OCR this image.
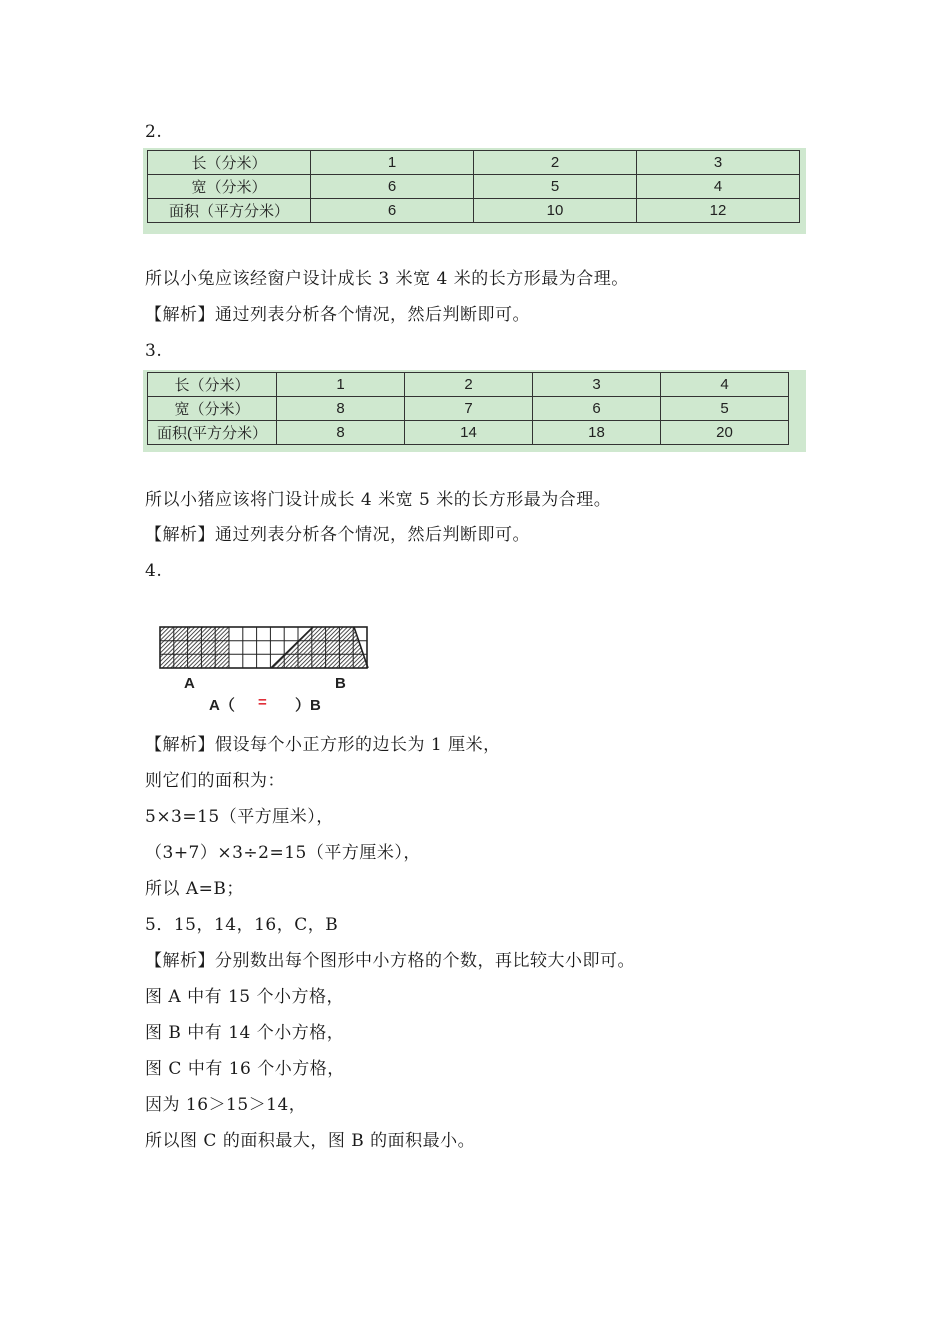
2.
长（分米）	1	2	3
宽（分米）	6	5	4
面积（平方分米）	6	10	12
所以小兔应该经窗户设计成长 3 米宽 4 米的长方形最为合理。
【解析】通过列表分析各个情况，然后判断即可。
3.
长（分米）	1	2	3	4
宽（分米）	8	7	6	5
面积(平方分米）	8	14	18	20
所以小猪应该将门设计成长 4 米宽 5 米的长方形最为合理。
【解析】通过列表分析各个情况，然后判断即可。
4.
A	B
A（ = ）B
【解析】假设每个小正方形的边长为 1 厘米，
则它们的面积为：
5×3=15（平方厘米），
（3+7）×3÷2=15（平方厘米），
所以 A=B；
5．15，14，16，C，B
【解析】分别数出每个图形中小方格的个数，再比较大小即可。
图 A 中有 15 个小方格，
图 B 中有 14 个小方格，
图 C 中有 16 个小方格，
因为 16＞15＞14，
所以图 C 的面积最大，图 B 的面积最小。
